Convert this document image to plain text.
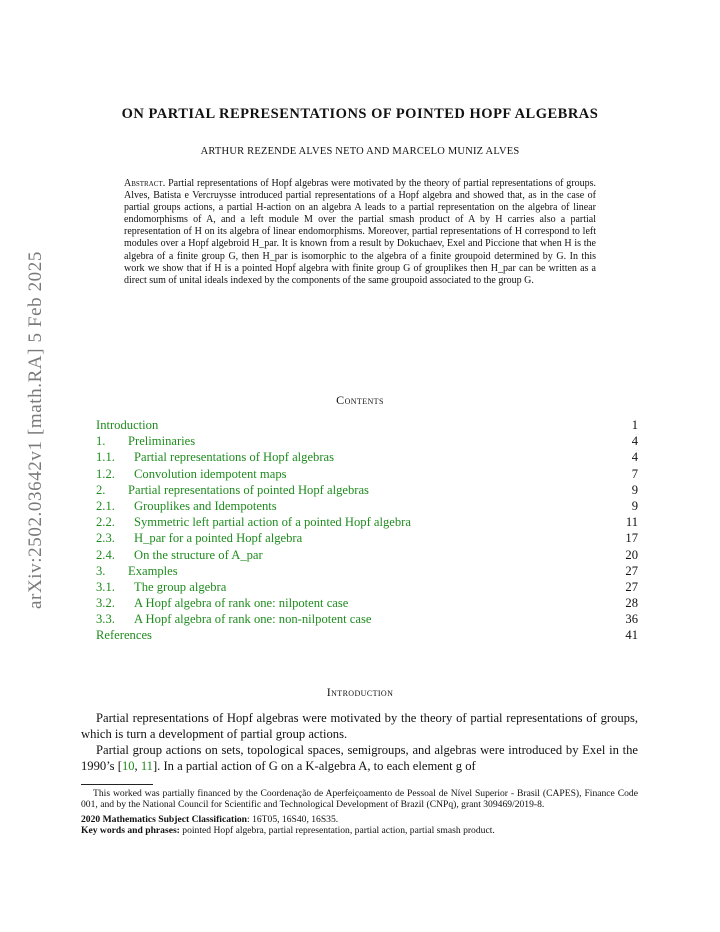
arXiv:2502.03642v1 [math.RA] 5 Feb 2025
ON PARTIAL REPRESENTATIONS OF POINTED HOPF ALGEBRAS
ARTHUR REZENDE ALVES NETO AND MARCELO MUNIZ ALVES
Abstract. Partial representations of Hopf algebras were motivated by the theory of partial representations of groups. Alves, Batista e Vercruysse introduced partial representations of a Hopf algebra and showed that, as in the case of partial groups actions, a partial H-action on an algebra A leads to a partial representation on the algebra of linear endomorphisms of A, and a left module M over the partial smash product of A by H carries also a partial representation of H on its algebra of linear endomorphisms. Moreover, partial representations of H correspond to left modules over a Hopf algebroid H_par. It is known from a result by Dokuchaev, Exel and Piccione that when H is the algebra of a finite group G, then H_par is isomorphic to the algebra of a finite groupoid determined by G. In this work we show that if H is a pointed Hopf algebra with finite group G of grouplikes then H_par can be written as a direct sum of unital ideals indexed by the components of the same groupoid associated to the group G.
Contents
Introduction	1
1. Preliminaries	4
1.1. Partial representations of Hopf algebras	4
1.2. Convolution idempotent maps	7
2. Partial representations of pointed Hopf algebras	9
2.1. Grouplikes and Idempotents	9
2.2. Symmetric left partial action of a pointed Hopf algebra	11
2.3. H_par for a pointed Hopf algebra	17
2.4. On the structure of A_par	20
3. Examples	27
3.1. The group algebra	27
3.2. A Hopf algebra of rank one: nilpotent case	28
3.3. A Hopf algebra of rank one: non-nilpotent case	36
References	41
Introduction

Partial representations of Hopf algebras were motivated by the theory of partial representations of groups, which is turn a development of partial group actions.

Partial group actions on sets, topological spaces, semigroups, and algebras were introduced by Exel in the 1990’s [10, 11]. In a partial action of G on a K-algebra A, to each element g of

This worked was partially financed by the Coordenação de Aperfeiçoamento de Pessoal de Nível Superior - Brasil (CAPES), Finance Code 001, and by the National Council for Scientific and Technological Development of Brazil (CNPq), grant 309469/2019-8.

2020 Mathematics Subject Classification: 16T05, 16S40, 16S35.

Key words and phrases: pointed Hopf algebra, partial representation, partial action, partial smash product.
